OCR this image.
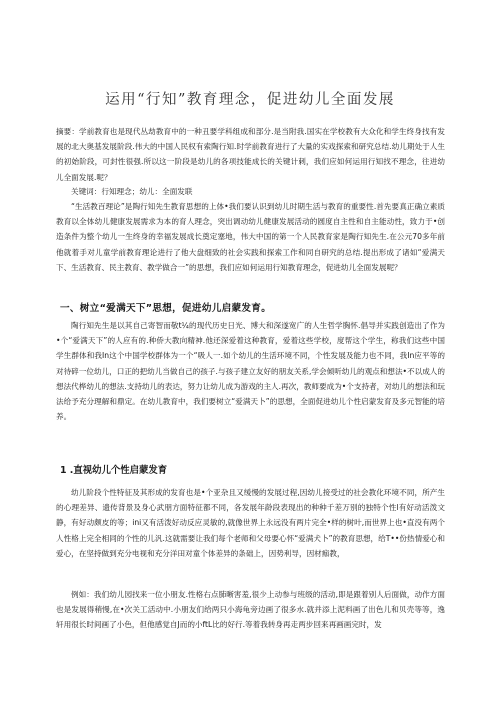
运用“行知”教育理念，促进幼儿全面发展

摘要：学前教育也是现代丛劫教育中的一种丑要学科组成和部分.是当附我.国实在学校教有大众化和学生终身找有发展的北大奥基发展阶段.伟大的中国人民权有索陶行知.时学前教育进行了大量的实戏探索和研究总结.幼儿期处于人生的初始阶段，可封性很强.所以这一阶段是幼儿的各项技能成长的关键计刺，我们应如何运用行知找不理念，往进幼儿全面发展.呢？

关键词：行知理念；幼儿：全面发联

“生活教百理论”是陶行知先生教育思想的上体•我们要认识到幼儿时期生活与教育的重要性.首先要真正确立素质教育以全体幼儿健康发展需求为本的育人理念，突出调动幼儿健康发展活动的圆度自主性和自主能动性，致力于•创造条件为整个幼儿一生终身的幸福发展成长奠定塞地，伟大中国的第一个人民教育家是陶行知先生.在公元70多年前他就着手对儿童学前教育理论进行了他大盘细致的社会实践和探索工作和同自研究的总结.提出形成了诸如“爱满天下、生活教育、民主教育、教学做合一”的思想，我们应如何运用行知教育理念，促进幼儿全面发展呢？

一、树立“爱满天下”思想，促进幼儿启蒙发育。

陶行知先生是以其自己寄智而敬t¼的现代历史日光、博大和深遂宽广的人生哲学胸怀.倡导并实践创造出了作为•个“爱满天下”的人应有的.种侨大教向精神.他还深爱着这种教育，爱着这些学校，度帮这个学生，称我们这些中国学生群体和我In这个中国学校群体为一个“吸人一.如个幼儿的生活环境不同，个性发展及能力也不同，我In应平等的对待碎一位幼儿，口正的把幼儿当做自己的孩子.与孩子建立友好的朋友关系,学会倾听幼儿的观点和想法•不以成人的想法代桦幼儿的想法.支持幼儿的表达，努力让幼儿成为游戏的主人.再次，教师要成为•个支持者，对幼儿的想法和玩法给予充分理解和鼎定。在幼儿教育中，我们要树立“爱满天卜”的思想，全面促进幼儿个性启蒙发育及多元智能的培养。

1 .直视幼儿个性启蒙发育

幼儿阶段个性特征及其形成的发育也是•个亚杂且又缓慢的发展过程,因幼儿接受过的社会教化环境不同，所产生的心理差异、遗传背景及身心武朋方面特征都不同，各发展年龄段表现出的种种千差万别的独特个性l有好动活泼文静，有好动颇皮的等；ini又有活泼好动反应灵敏的,就像世界上永远没有两片完全•样的树叶,而世界上也•直没有两个人性格上完全相同的个性的儿汎.这就需要让我们每个老师和父母要心怀“爱满犬卜”的教育思想，给T••份热情爱心和爱心，在坚持做到充分电视和充分洋田对童个体差异的条础上，因势利导，因材痂教，

例如：我们幼儿园找来一位小朋友.性格右点肺晰害羞,很少上动参与班级的活动,即是跟着别人后面做，动作方面也是发展得稍慢,在•次关工活动中.小朋友们给两只小海龟旁边画了很多水.就并添上泥料画了出色儿和贝壳等等，逸轩用很长时间画了小色，但他感觉自J而的小ftL比的好行.等着我转身再走两步回来再画画完时，发
